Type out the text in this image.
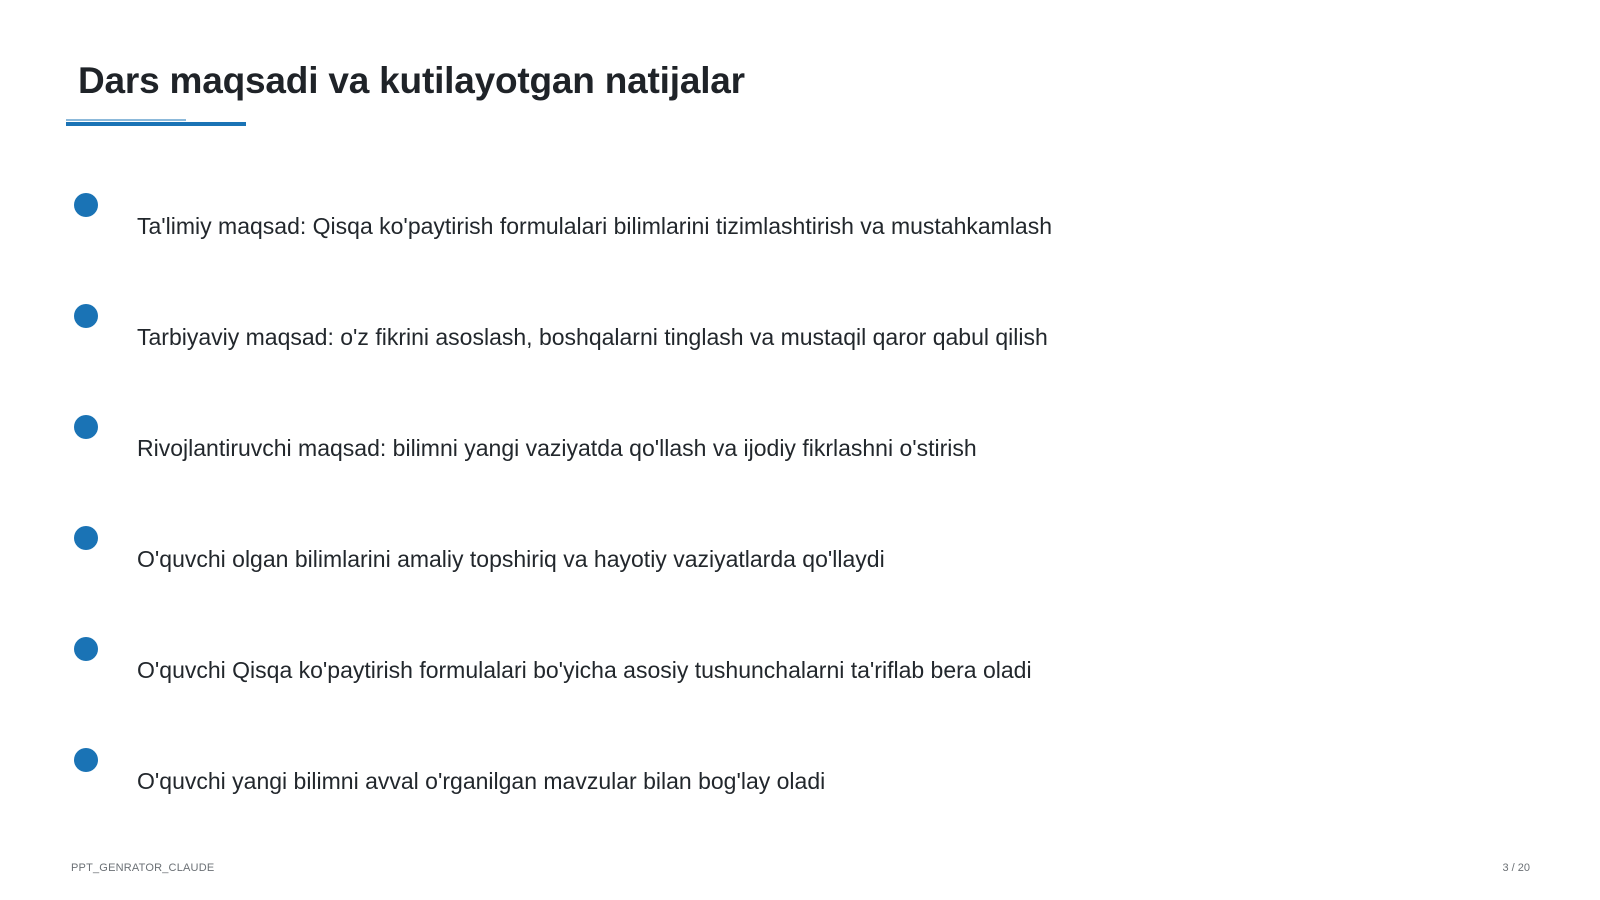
Dars maqsadi va kutilayotgan natijalar
Ta'limiy maqsad: Qisqa ko'paytirish formulalari bilimlarini tizimlashtirish va mustahkamlash
Tarbiyaviy maqsad: o'z fikrini asoslash, boshqalarni tinglash va mustaqil qaror qabul qilish
Rivojlantiruvchi maqsad: bilimni yangi vaziyatda qo'llash va ijodiy fikrlashni o'stirish
O'quvchi olgan bilimlarini amaliy topshiriq va hayotiy vaziyatlarda qo'llaydi
O'quvchi Qisqa ko'paytirish formulalari bo'yicha asosiy tushunchalarni ta'riflab bera oladi
O'quvchi yangi bilimni avval o'rganilgan mavzular bilan bog'lay oladi
PPT_GENRATOR_CLAUDE	3 / 20
